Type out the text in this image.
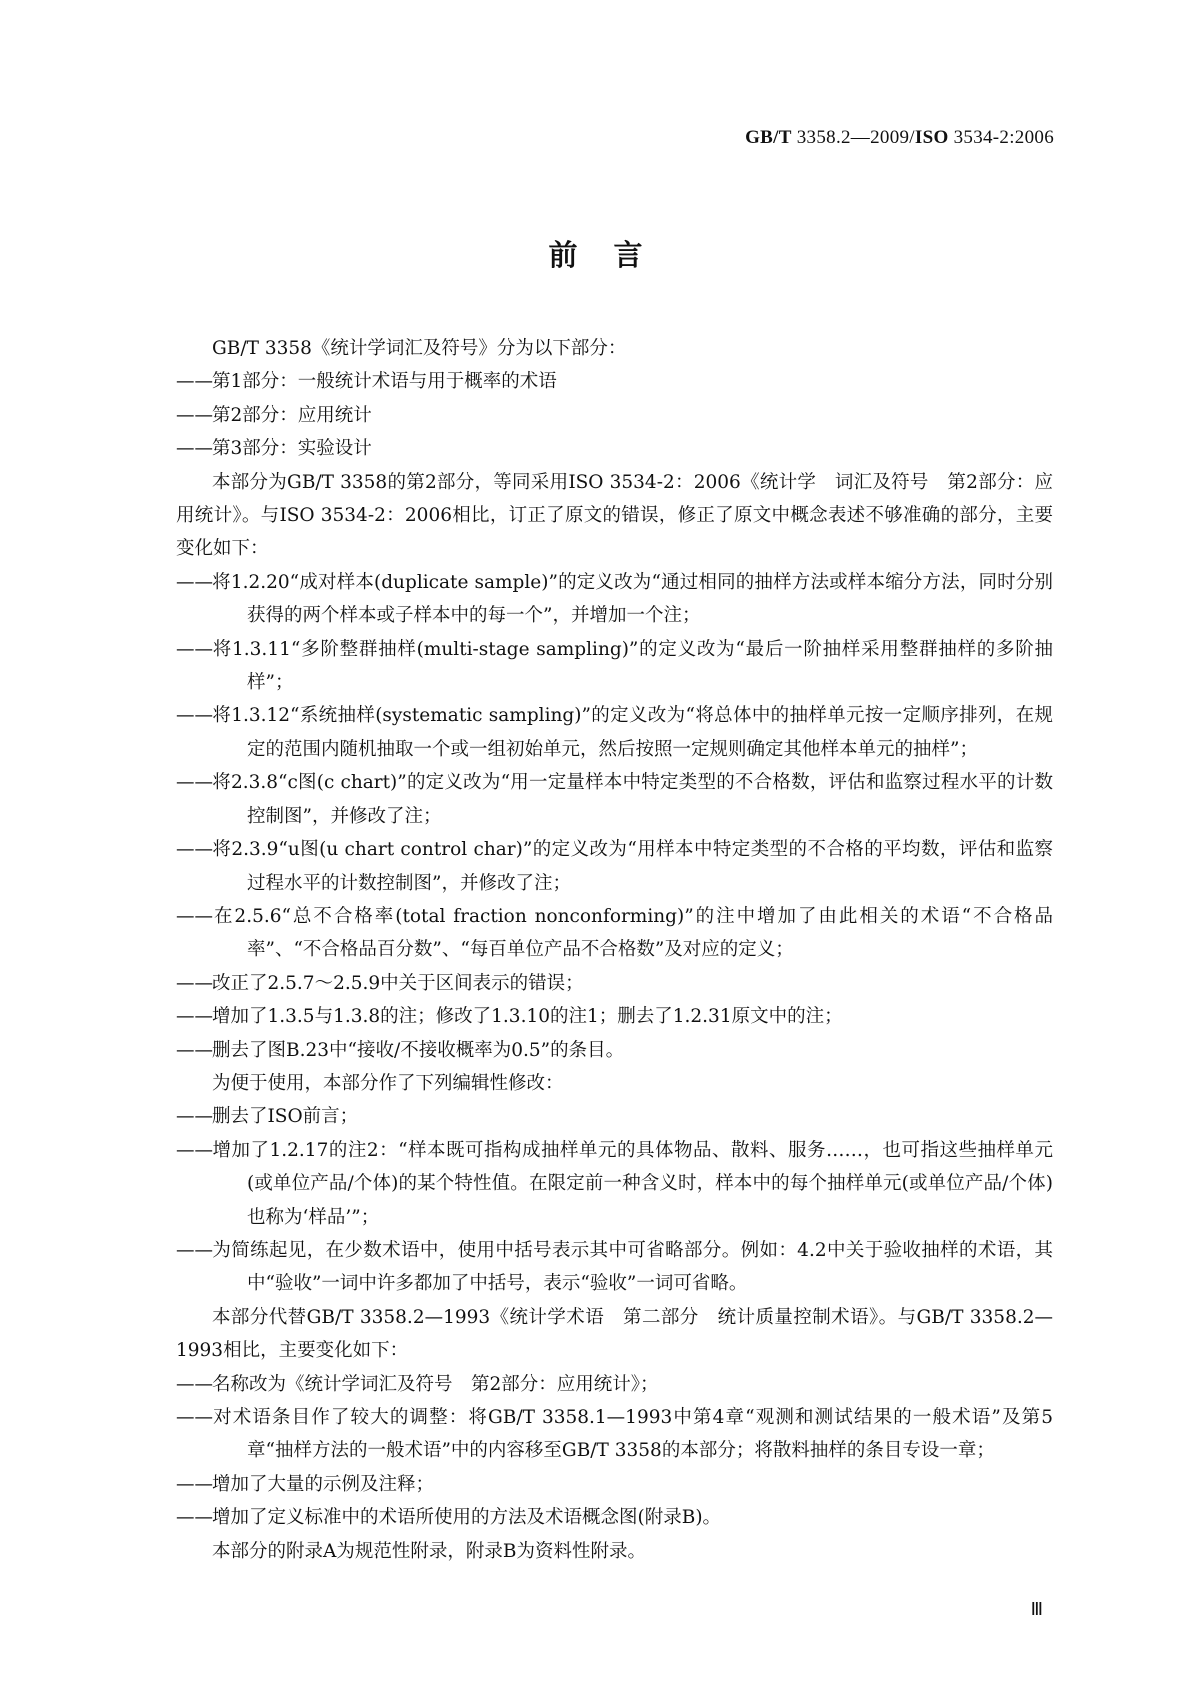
GB/T 3358.2—2009/ISO 3534-2:2006
前言

GB/T 3358《统计学词汇及符号》分为以下部分：

——第1部分：一般统计术语与用于概率的术语

——第2部分：应用统计

——第3部分：实验设计

本部分为GB/T 3358的第2部分，等同采用ISO 3534-2：2006《统计学　词汇及符号　第2部分：应用统计》。与ISO 3534-2：2006相比，订正了原文的错误，修正了原文中概念表述不够准确的部分，主要变化如下：

——将1.2.20“成对样本(duplicate sample)”的定义改为“通过相同的抽样方法或样本缩分方法，同时分别获得的两个样本或子样本中的每一个”，并增加一个注；

——将1.3.11“多阶整群抽样(multi-stage sampling)”的定义改为“最后一阶抽样采用整群抽样的多阶抽样”；

——将1.3.12“系统抽样(systematic sampling)”的定义改为“将总体中的抽样单元按一定顺序排列，在规定的范围内随机抽取一个或一组初始单元，然后按照一定规则确定其他样本单元的抽样”；

——将2.3.8“c图(c chart)”的定义改为“用一定量样本中特定类型的不合格数，评估和监察过程水平的计数控制图”，并修改了注；

——将2.3.9“u图(u chart control char)”的定义改为“用样本中特定类型的不合格的平均数，评估和监察过程水平的计数控制图”，并修改了注；

——在2.5.6“总不合格率(total fraction nonconforming)”的注中增加了由此相关的术语“不合格品率”、“不合格品百分数”、“每百单位产品不合格数”及对应的定义；

——改正了2.5.7～2.5.9中关于区间表示的错误；

——增加了1.3.5与1.3.8的注；修改了1.3.10的注1；删去了1.2.31原文中的注；

——删去了图B.23中“接收/不接收概率为0.5”的条目。

为便于使用，本部分作了下列编辑性修改：

——删去了ISO前言；

——增加了1.2.17的注2：“样本既可指构成抽样单元的具体物品、散料、服务……，也可指这些抽样单元(或单位产品/个体)的某个特性值。在限定前一种含义时，样本中的每个抽样单元(或单位产品/个体)也称为‘样品’”；

——为简练起见，在少数术语中，使用中括号表示其中可省略部分。例如：4.2中关于验收抽样的术语，其中“验收”一词中许多都加了中括号，表示“验收”一词可省略。

本部分代替GB/T 3358.2—1993《统计学术语　第二部分　统计质量控制术语》。与GB/T 3358.2—1993相比，主要变化如下：

——名称改为《统计学词汇及符号　第2部分：应用统计》；

——对术语条目作了较大的调整：将GB/T 3358.1—1993中第4章“观测和测试结果的一般术语”及第5章“抽样方法的一般术语”中的内容移至GB/T 3358的本部分；将散料抽样的条目专设一章；

——增加了大量的示例及注释；

——增加了定义标准中的术语所使用的方法及术语概念图(附录B)。

本部分的附录A为规范性附录，附录B为资料性附录。

Ⅲ
